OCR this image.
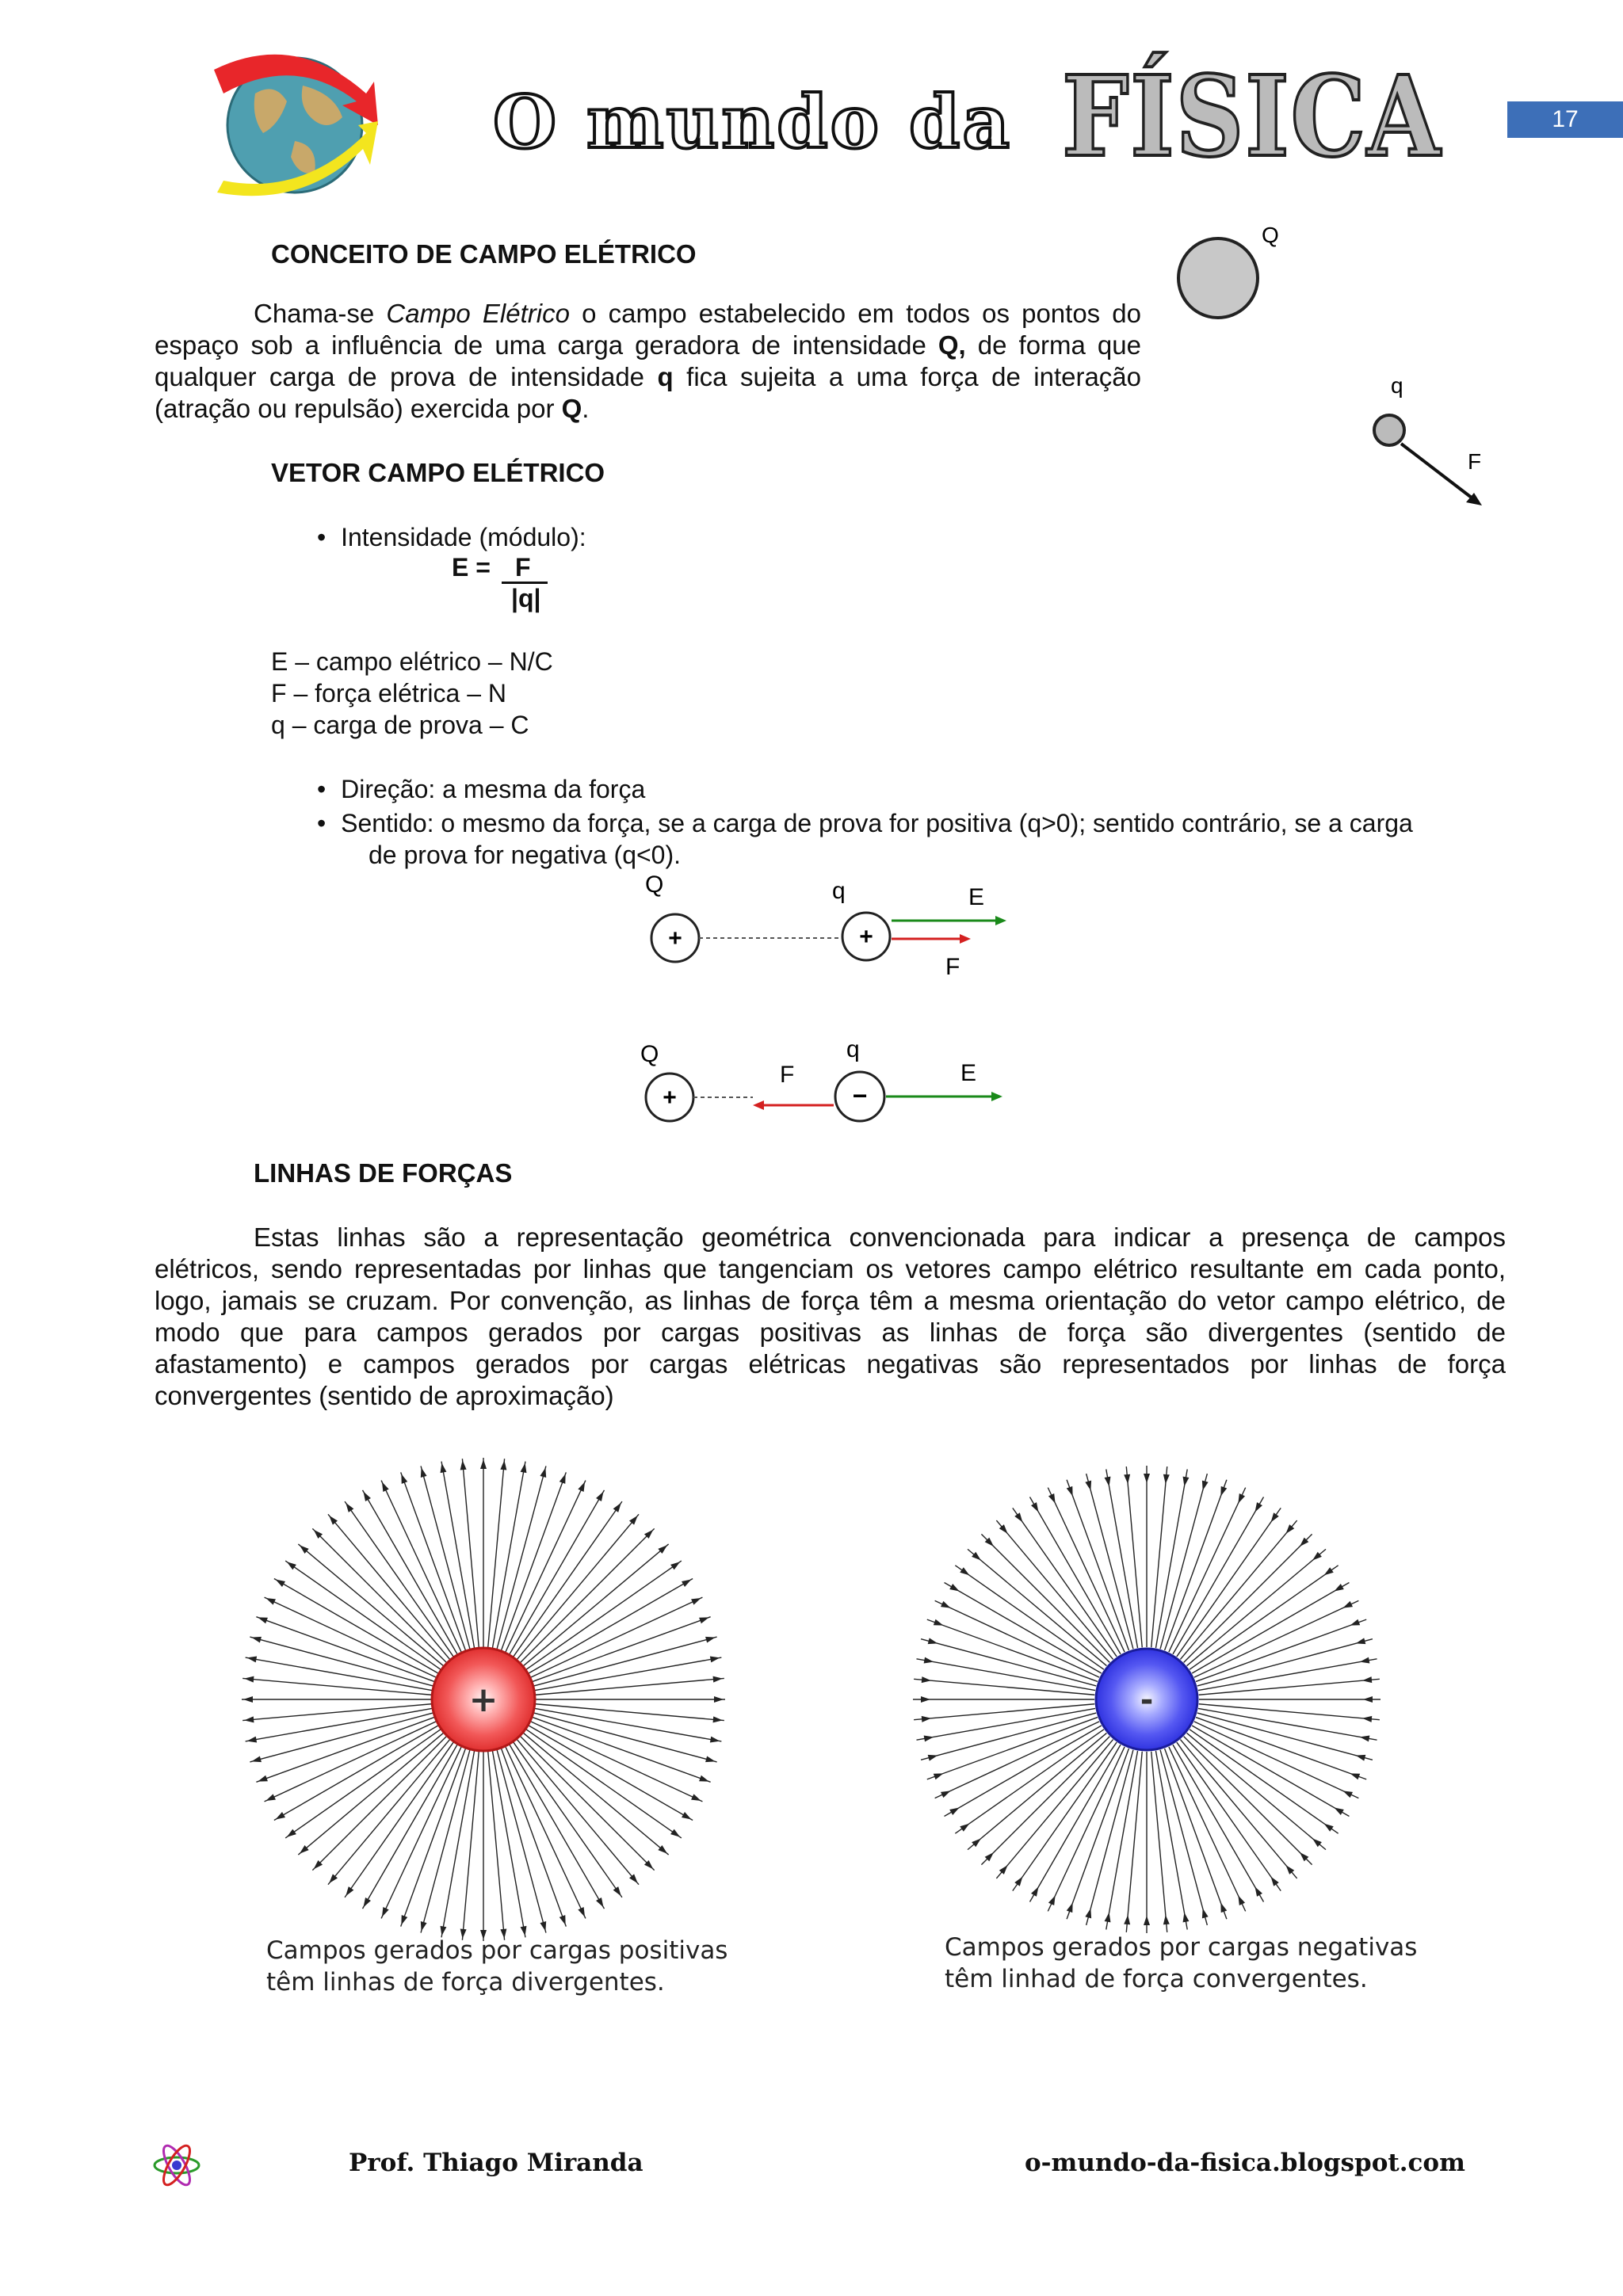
O mundo da FÍSICA	17
CONCEITO DE CAMPO ELÉTRICO
Chama-se Campo Elétrico o campo estabelecido em todos os pontos do
espaço sob a influência de uma carga geradora de intensidade Q, de forma que
qualquer carga de prova de intensidade q fica sujeita a uma força de interação
(atração ou repulsão) exercida por Q.
Q
q
F
VETOR CAMPO ELÉTRICO
• Intensidade (módulo):
E = F
|q|
E – campo elétrico – N/C
F – força elétrica – N
q – carga de prova – C
• Direção: a mesma da força
• Sentido: o mesmo da força, se a carga de prova for positiva (q>0); sentido contrário, se a carga
de prova for negativa (q<0).
Q	q	E
+	+
F
Q	q
F	E
+	−
LINHAS DE FORÇAS
Estas linhas são a representação geométrica convencionada para indicar a presença de campos
elétricos, sendo representadas por linhas que tangenciam os vetores campo elétrico resultante em cada ponto,
logo, jamais se cruzam. Por convenção, as linhas de força têm a mesma orientação do vetor campo elétrico, de
modo que para campos gerados por cargas positivas as linhas de força são divergentes (sentido de
afastamento) e campos gerados por cargas elétricas negativas são representados por linhas de força
convergentes (sentido de aproximação)
+	-
Campos gerados por cargas positivas
têm linhas de força divergentes.
Campos gerados por cargas negativas
têm linhad de força convergentes.
Prof. Thiago Miranda	o-mundo-da-fisica.blogspot.com
